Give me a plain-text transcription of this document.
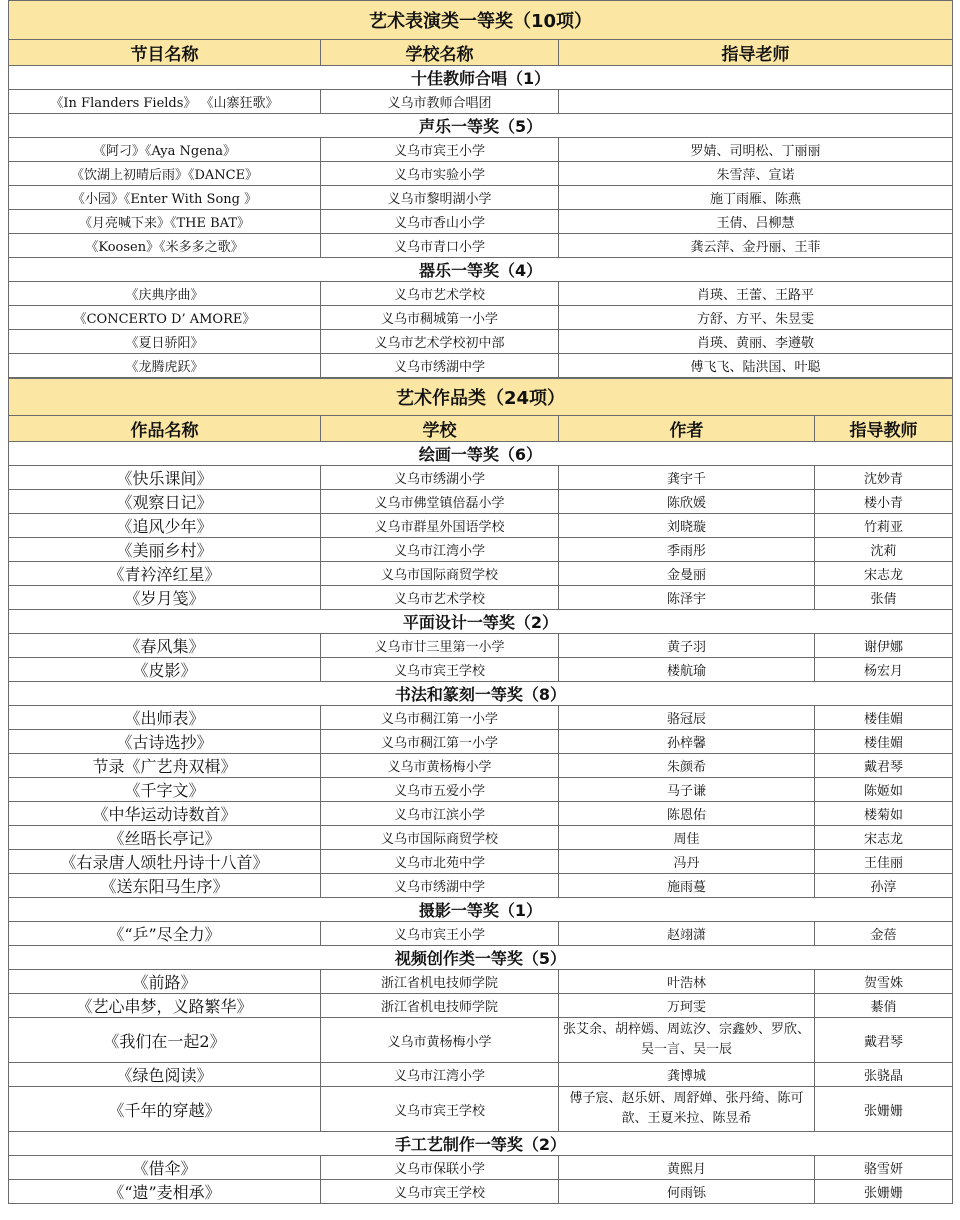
艺术表演类一等奖（10项）		
节目名称	学校名称	指导老师
十佳教师合唱（1）		
《In Flanders Fields》 《山寨狂歌》	义乌市教师合唱团	
声乐一等奖（5）		
《阿刁》《Aya Ngena》	义乌市宾王小学	罗婧、司明松、丁丽丽
《饮湖上初晴后雨》《DANCE》	义乌市实验小学	朱雪萍、宣诺
《小园》《Enter With Song 》	义乌市黎明湖小学	施丁雨雁、陈燕
《月亮喊下来》《THE BAT》	义乌市香山小学	王倩、吕柳慧
《Koosen》《米多多之歌》	义乌市青口小学	龚云萍、金丹丽、王菲
器乐一等奖（4）		
《庆典序曲》	义乌市艺术学校	肖瑛、王蕾、王路平
《CONCERTO D’ AMORE》	义乌市稠城第一小学	方舒、方平、朱昱雯
《夏日骄阳》	义乌市艺术学校初中部	肖瑛、黄丽、李遵敬
《龙腾虎跃》	义乌市绣湖中学	傅飞飞、陆洪国、叶聪
艺术作品类（24项）			
作品名称	学校	作者	指导教师
绘画一等奖（6）			
《快乐课间》	义乌市绣湖小学	龚宇千	沈妙青
《观察日记》	义乌市佛堂镇倍磊小学	陈欣媛	楼小青
《追风少年》	义乌市群星外国语学校	刘晓璇	竹莉亚
《美丽乡村》	义乌市江湾小学	季雨彤	沈莉
《青衿淬红星》	义乌市国际商贸学校	金曼丽	宋志龙
《岁月笺》	义乌市艺术学校	陈泽宇	张倩
平面设计一等奖（2）			
《春风集》	义乌市廿三里第一小学	黄子羽	谢伊娜
《皮影》	义乌市宾王学校	楼航瑜	杨宏月
书法和篆刻一等奖（8）			
《出师表》	义乌市稠江第一小学	骆冠辰	楼佳媚
《古诗选抄》	义乌市稠江第一小学	孙梓馨	楼佳媚
节录《广艺舟双楫》	义乌市黄杨梅小学	朱颜希	戴君琴
《千字文》	义乌市五爱小学	马子谦	陈姬如
《中华运动诗数首》	义乌市江滨小学	陈恩佑	楼菊如
《丝晤长亭记》	义乌市国际商贸学校	周佳	宋志龙
《右录唐人颂牡丹诗十八首》	义乌市北苑中学	冯丹	王佳丽
《送东阳马生序》	义乌市绣湖中学	施雨蔓	孙淳
摄影一等奖（1）			
《“乒”尽全力》	义乌市宾王小学	赵翊潇	金蓓
视频创作类一等奖（5）			
《前路》	浙江省机电技师学院	叶浩林	贺雪姝
《艺心串梦，义路繁华》	浙江省机电技师学院	万珂雯	綦俏
《我们在一起2》	义乌市黄杨梅小学	张艾余、胡梓嫣、周竑汐、宗鑫妙、罗欣、吴一言、吴一辰	戴君琴
《绿色阅读》	义乌市江湾小学	龚博城	张骁晶
《千年的穿越》	义乌市宾王学校	傅子宸、赵乐妍、周舒婵、张丹绮、陈可歆、王夏米拉、陈昱希	张姗姗
手工艺制作一等奖（2）			
《借伞》	义乌市保联小学	黄熙月	骆雪妍
《“遗”麦相承》	义乌市宾王学校	何雨铄	张姗姗
